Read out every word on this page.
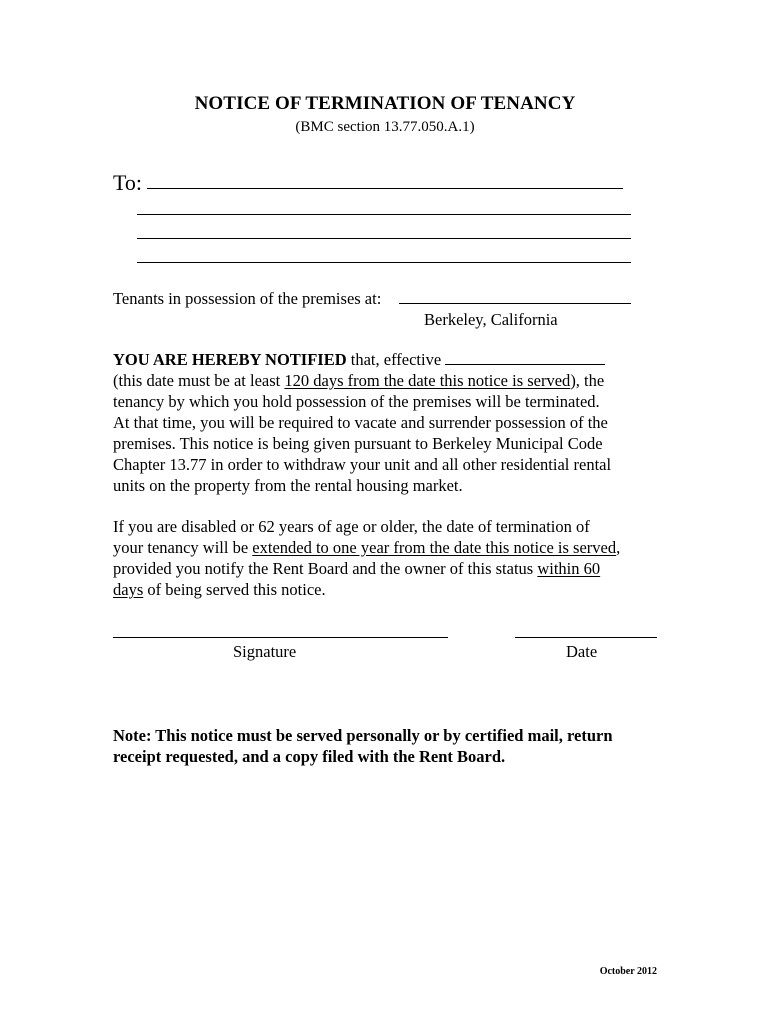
NOTICE OF TERMINATION OF TENANCY
(BMC section 13.77.050.A.1)
To:
Tenants in possession of the premises at:
Berkeley, California
YOU ARE HEREBY NOTIFIED that, effective
(this date must be at least 120 days from the date this notice is served), the
tenancy by which you hold possession of the premises will be terminated.
At that time, you will be required to vacate and surrender possession of the
premises. This notice is being given pursuant to Berkeley Municipal Code
Chapter 13.77 in order to withdraw your unit and all other residential rental
units on the property from the rental housing market.
If you are disabled or 62 years of age or older, the date of termination of
your tenancy will be extended to one year from the date this notice is served,
provided you notify the Rent Board and the owner of this status within 60
days of being served this notice.
Signature	Date
Note: This notice must be served personally or by certified mail, return
receipt requested, and a copy filed with the Rent Board.
October 2012
